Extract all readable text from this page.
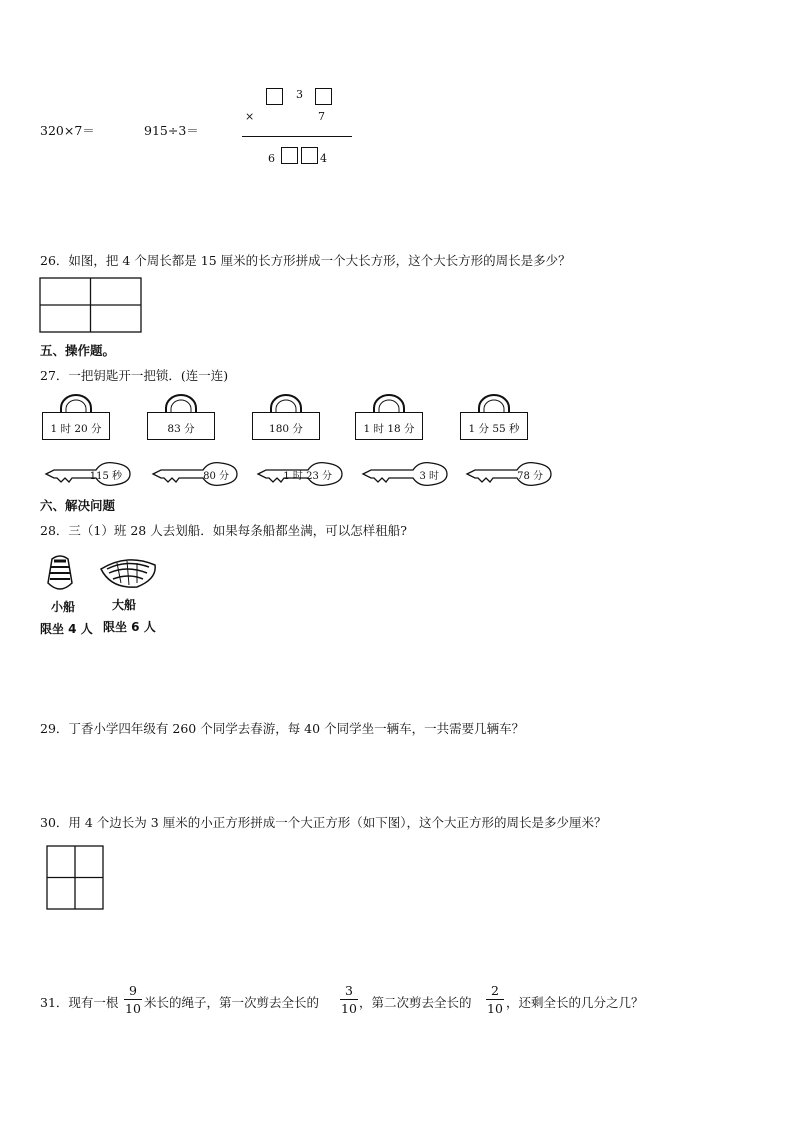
320×7＝	915÷3＝
3
×	7
6	4
26．如图，把 4 个周长都是 15 厘米的长方形拼成一个大长方形，这个大长方形的周长是多少？
五、操作题。
27．一把钥匙开一把锁．(连一连)
1 时 20 分	83 分	180 分	1 时 18 分	1 分 55 秒
115 秒	80 分	1 时 23 分	3 时	78 分
六、解决问题
28．三（1）班 28 人去划船．如果每条船都坐满，可以怎样租船?
小船
限坐 4 人
大船
限坐 6 人
29．丁香小学四年级有 260 个同学去春游，每 40 个同学坐一辆车，一共需要几辆车？
30．用 4 个边长为 3 厘米的小正方形拼成一个大正方形（如下图），这个大正方形的周长是多少厘米？
31．现有一根
9
10 米长的绳子，第一次剪去全长的
3
10 ，第二次剪去全长的
2
10 ，还剩全长的几分之几？
